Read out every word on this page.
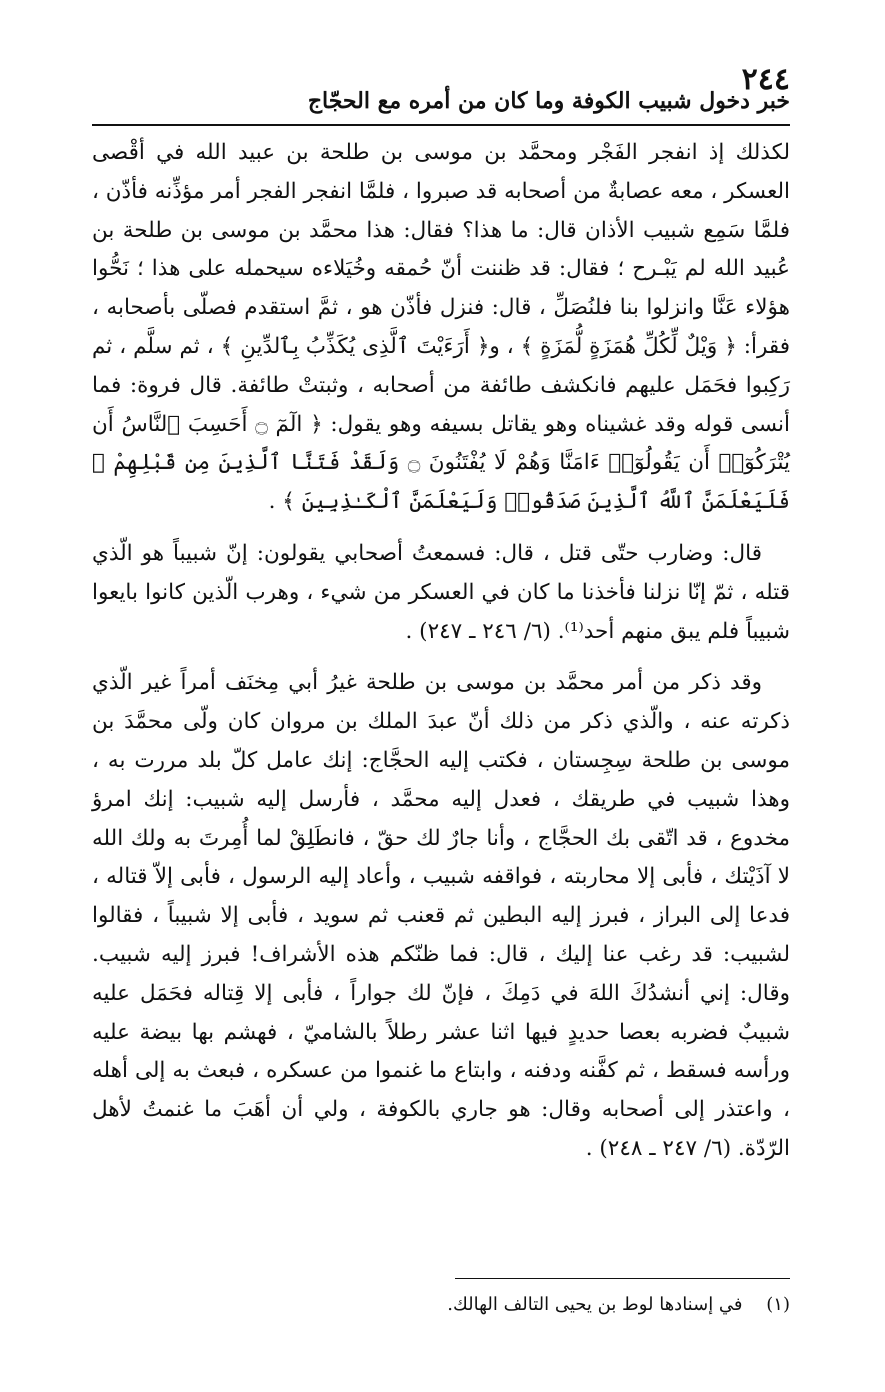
٢٤٤
خبر دخول شبيب الكوفة وما كان من أمره مع الحجّاج

لكذلك إذ انفجر الفَجْر ومحمَّد بن موسى بن طلحة بن عبيد الله في أقْصى العسكر ، معه عصابةٌ من أصحابه قد صبروا ، فلمَّا انفجر الفجر أمر مؤذِّنه فأذّن ، فلمَّا سَمِع شبيب الأذان قال: ما هذا؟ فقال: هذا محمَّد بن موسى بن طلحة بن عُبيد الله لم يَبْـرح ؛ فقال: قد ظننت أنّ حُمقه وخُيَلاءه سيحمله على هذا ؛ نَحُّوا هؤلاء عَنَّا وانزلوا بنا فلنُصَلِّ ، قال: فنزل فأذّن هو ، ثمَّ استقدم فصلّى بأصحابه ، فقرأ: ﴿ وَيْلٌ لِّكُلِّ هُمَزَةٍ لُّمَزَةٍ ﴾ ، و﴿ أَرَءَيْتَ ٱلَّذِى يُكَذِّبُ بِٱلدِّينِ ﴾ ، ثم سلَّم ، ثم رَكِبوا فحَمَل عليهم فانكشف طائفة من أصحابه ، وثبتتْ طائفة. قال فروة: فما أنسى قوله وقد غشيناه وهو يقاتل بسيفه وهو يقول: ﴿ الٓمٓ ۝ أَحَسِبَ ٱلنَّاسُ أَن يُتْرَكُوٓا۟ أَن يَقُولُوٓا۟ ءَامَنَّا وَهُمْ لَا يُفْتَنُونَ ۝ وَلَقَدْ فَتَنَّا ٱلَّذِينَ مِن قَبْلِهِمْ ۖ فَلَيَعْلَمَنَّ ٱللَّهُ ٱلَّذِينَ صَدَقُوا۟ وَلَيَعْلَمَنَّ ٱلْكَـٰذِبِينَ ﴾ .

قال: وضارب حتّى قتل ، قال: فسمعتُ أصحابي يقولون: إنّ شبيباً هو الّذي قتله ، ثمّ إنّا نزلنا فأخذنا ما كان في العسكر من شيء ، وهرب الّذين كانوا بايعوا شبيباً فلم يبق منهم أحد⁽¹⁾. (٦/ ٢٤٦ ـ ٢٤٧) .

وقد ذكر من أمر محمَّد بن موسى بن طلحة غيرُ أبي مِخنَف أمراً غير الّذي ذكرته عنه ، والّذي ذكر من ذلك أنّ عبدَ الملك بن مروان كان ولّى محمَّدَ بن موسى بن طلحة سِجِستان ، فكتب إليه الحجَّاج: إنك عامل كلّ بلد مررت به ، وهذا شبيب في طريقك ، فعدل إليه محمَّد ، فأرسل إليه شبيب: إنك امرؤ مخدوع ، قد اتّقى بك الحجَّاج ، وأنا جارٌ لك حقّ ، فانطَلِقْ لما أُمِرتَ به ولك الله لا آذَيْتك ، فأبى إلا محاربته ، فواقفه شبيب ، وأعاد إليه الرسول ، فأبى إلاّ قتاله ، فدعا إلى البراز ، فبرز إليه البطين ثم قعنب ثم سويد ، فأبى إلا شبيباً ، فقالوا لشبيب: قد رغب عنا إليك ، قال: فما ظنّكم هذه الأشراف! فبرز إليه شبيب. وقال: إني أنشدُكَ اللهَ في دَمِكَ ، فإنّ لك جواراً ، فأبى إلا قِتاله فحَمَل عليه شبيبٌ فضربه بعصا حديدٍ فيها اثنا عشر رطلاً بالشاميّ ، فهشم بها بيضة عليه ورأسه فسقط ، ثم كفَّنه ودفنه ، وابتاع ما غنموا من عسكره ، فبعث به إلى أهله ، واعتذر إلى أصحابه وقال: هو جاري بالكوفة ، ولي أن أهَبَ ما غنمتُ لأهل الرّدّة. (٦/ ٢٤٧ ـ ٢٤٨) .

(١) في إسنادها لوط بن يحيى التالف الهالك.
